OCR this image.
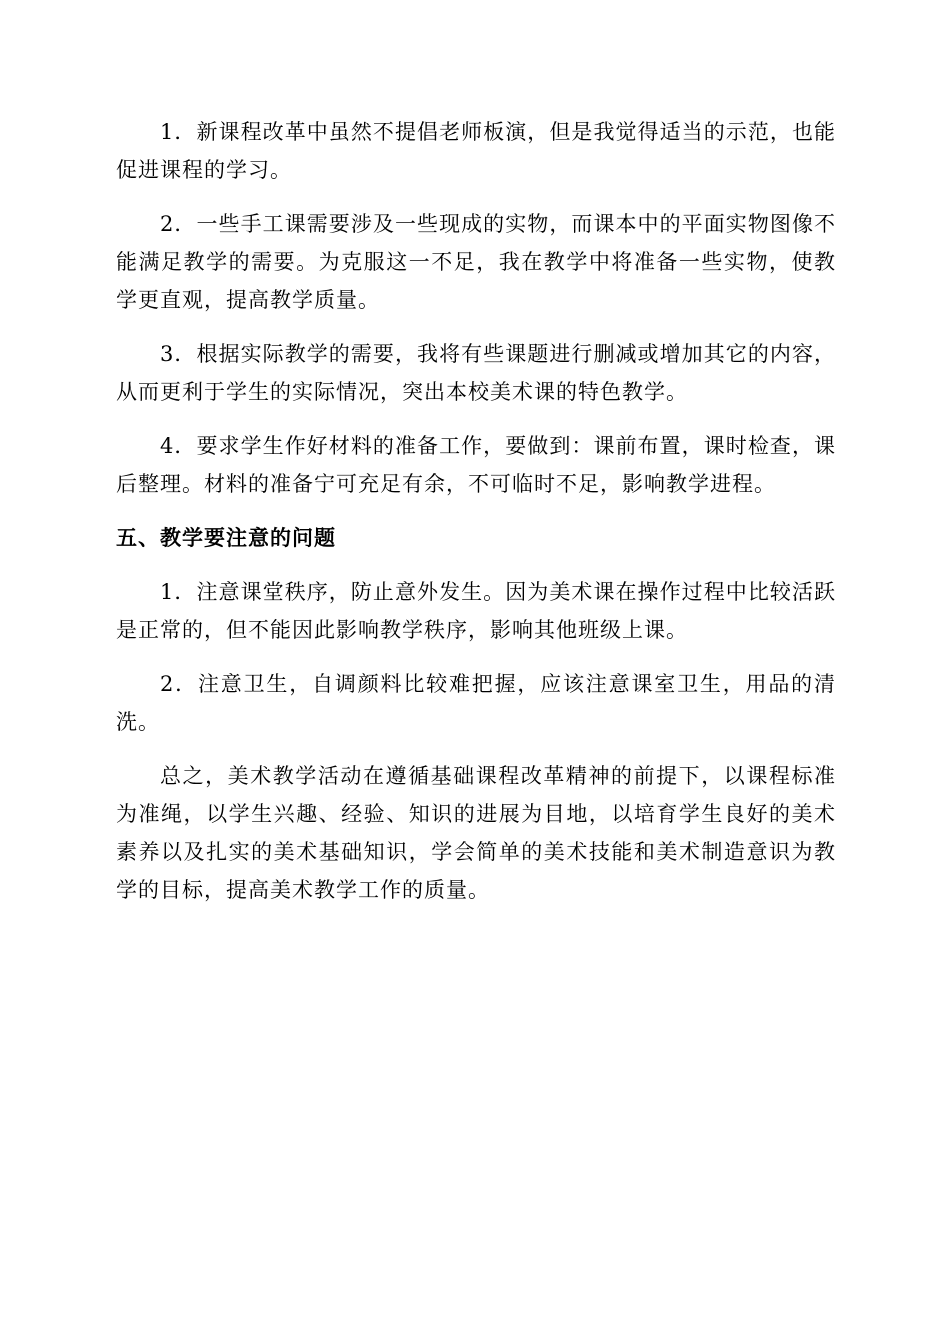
1．新课程改革中虽然不提倡老师板演，但是我觉得适当的示范，也能促进课程的学习。

2．一些手工课需要涉及一些现成的实物，而课本中的平面实物图像不能满足教学的需要。为克服这一不足，我在教学中将准备一些实物，使教学更直观，提高教学质量。

3．根据实际教学的需要，我将有些课题进行删减或增加其它的内容，从而更利于学生的实际情况，突出本校美术课的特色教学。

4．要求学生作好材料的准备工作，要做到：课前布置，课时检查，课后整理。材料的准备宁可充足有余，不可临时不足，影响教学进程。

五、教学要注意的问题

1．注意课堂秩序，防止意外发生。因为美术课在操作过程中比较活跃是正常的，但不能因此影响教学秩序，影响其他班级上课。

2．注意卫生，自调颜料比较难把握，应该注意课室卫生，用品的清洗。

总之，美术教学活动在遵循基础课程改革精神的前提下，以课程标准为准绳，以学生兴趣、经验、知识的进展为目地，以培育学生良好的美术素养以及扎实的美术基础知识，学会简单的美术技能和美术制造意识为教学的目标，提高美术教学工作的质量。
